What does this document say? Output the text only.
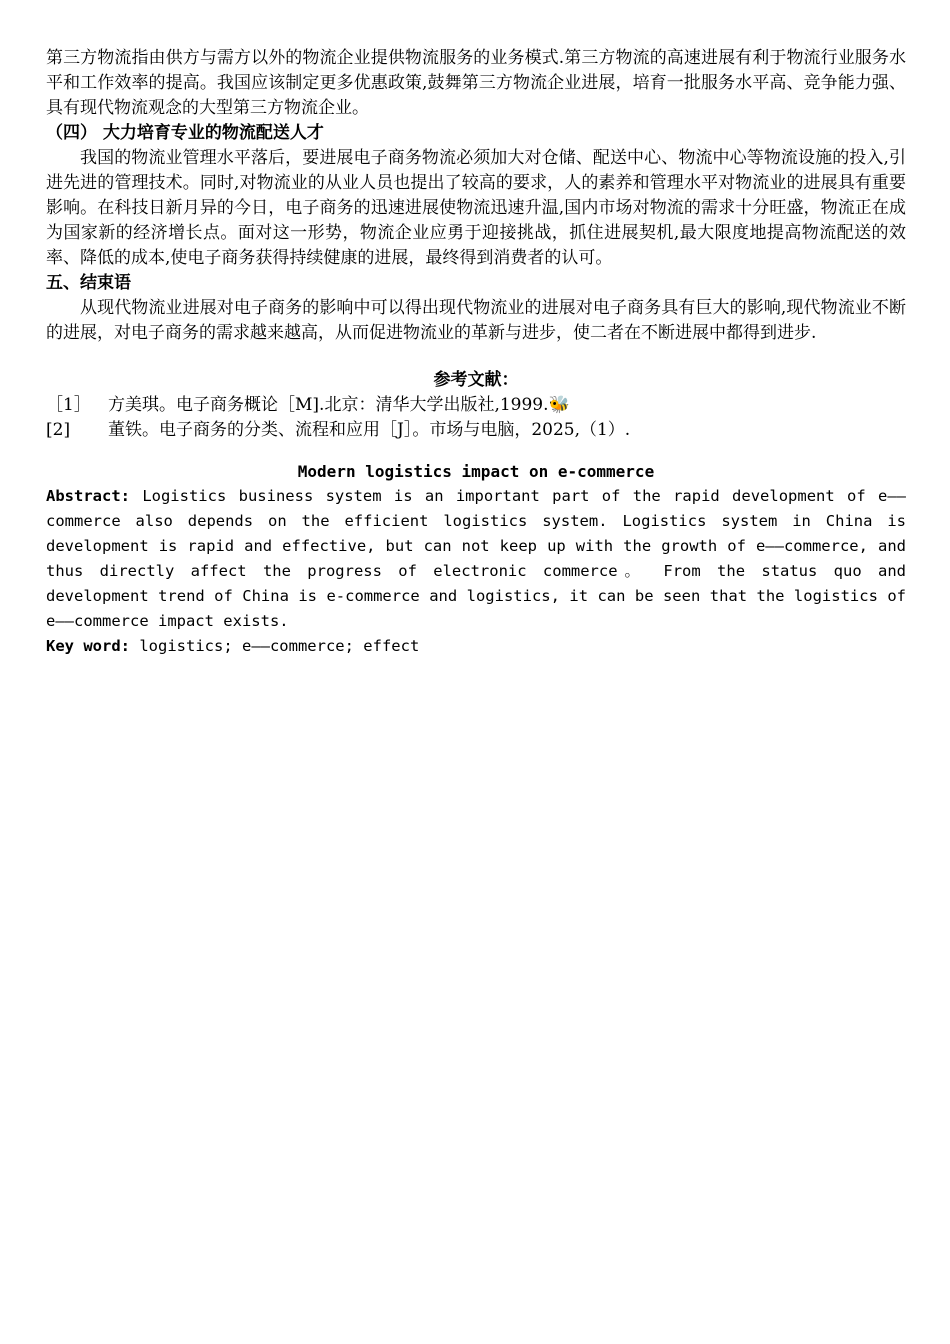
第三方物流指由供方与需方以外的物流企业提供物流服务的业务模式.第三方物流的高速进展有利于物流行业服务水平和工作效率的提高。我国应该制定更多优惠政策,鼓舞第三方物流企业进展，培育一批服务水平高、竞争能力强、具有现代物流观念的大型第三方物流企业。

（四） 大力培育专业的物流配送人才

我国的物流业管理水平落后，要进展电子商务物流必须加大对仓储、配送中心、物流中心等物流设施的投入,引进先进的管理技术。同时,对物流业的从业人员也提出了较高的要求，人的素养和管理水平对物流业的进展具有重要影响。在科技日新月异的今日，电子商务的迅速进展使物流迅速升温,国内市场对物流的需求十分旺盛，物流正在成为国家新的经济增长点。面对这一形势，物流企业应勇于迎接挑战，抓住进展契机,最大限度地提高物流配送的效率、降低的成本,使电子商务获得持续健康的进展，最终得到消费者的认可。

五、结束语

从现代物流业进展对电子商务的影响中可以得出现代物流业的进展对电子商务具有巨大的影响,现代物流业不断的进展，对电子商务的需求越来越高，从而促进物流业的革新与进步，使二者在不断进展中都得到进步.

参考文献：

［1］ 方美琪。电子商务概论［M].北京：清华大学出版社,1999.🐝

[2] 董铁。电子商务的分类、流程和应用［J］。市场与电脑，2025,（1）.

Modern logistics impact on e-commerce

Abstract: Logistics business system is an important part of the rapid development of e——commerce also depends on the efficient logistics system. Logistics system in China is development is rapid and effective, but can not keep up with the growth of e——commerce, and thus directly affect the progress of electronic commerce。 From the status quo and development trend of China is e-commerce and logistics, it can be seen that the logistics of e——commerce impact exists.

Key word: logistics; e——commerce; effect
